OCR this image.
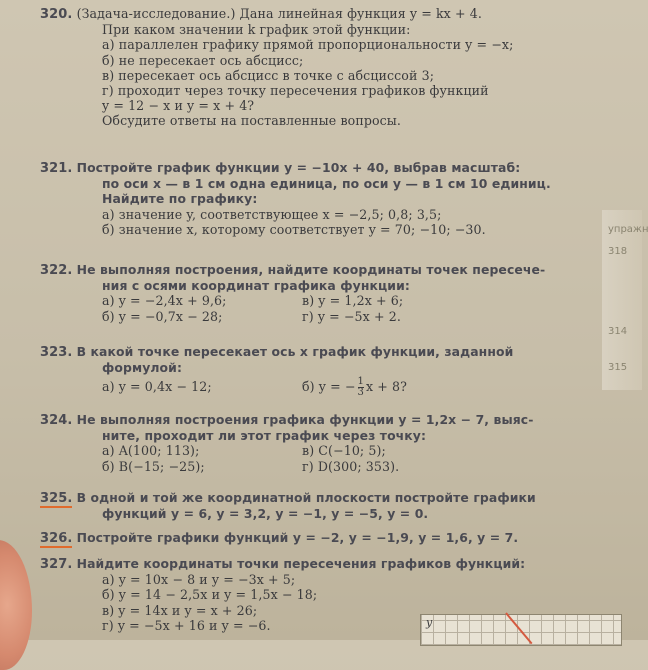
упражн
318
314
315
320. (Задача-исследование.) Дана линейная функция y = kx + 4.
При каком значении k график этой функции:
а) параллелен графику прямой пропорциональности y = −x;
б) не пересекает ось абсцисс;
в) пересекает ось абсцисс в точке с абсциссой 3;
г) проходит через точку пересечения графиков функций
y = 12 − x и y = x + 4?
Обсудите ответы на поставленные вопросы.
321. Постройте график функции y = −10x + 40, выбрав масштаб:
по оси x — в 1 см одна единица, по оси y — в 1 см 10 единиц.
Найдите по графику:
а) значение y, соответствующее x = −2,5; 0,8; 3,5;
б) значение x, которому соответствует y = 70; −10; −30.
322. Не выполняя построения, найдите координаты точек пересече-
ния с осями координат графика функции:
а) y = −2,4x + 9,6;	в) y = 1,2x + 6;
б) y = −0,7x − 28;	г) y = −5x + 2.
323. В какой точке пересекает ось x график функции, заданной
формулой:
а) y = 0,4x − 12;	б) y = − $\frac{1}{3}$ x + 8?
324. Не выполняя построения графика функции y = 1,2x − 7, выяс-
ните, проходит ли этот график через точку:
а) A(100; 113);	в) C(−10; 5);
б) B(−15; −25);	г) D(300; 353).
325. В одной и той же координатной плоскости постройте графики
функций y = 6, y = 3,2, y = −1, y = −5, y = 0.
326. Постройте графики функций y = −2, y = −1,9, y = 1,6, y = 7.
327. Найдите координаты точки пересечения графиков функций:
а) y = 10x − 8 и y = −3x + 5;
б) y = 14 − 2,5x и y = 1,5x − 18;
в) y = 14x и y = x + 26;
г) y = −5x + 16 и y = −6.	y
